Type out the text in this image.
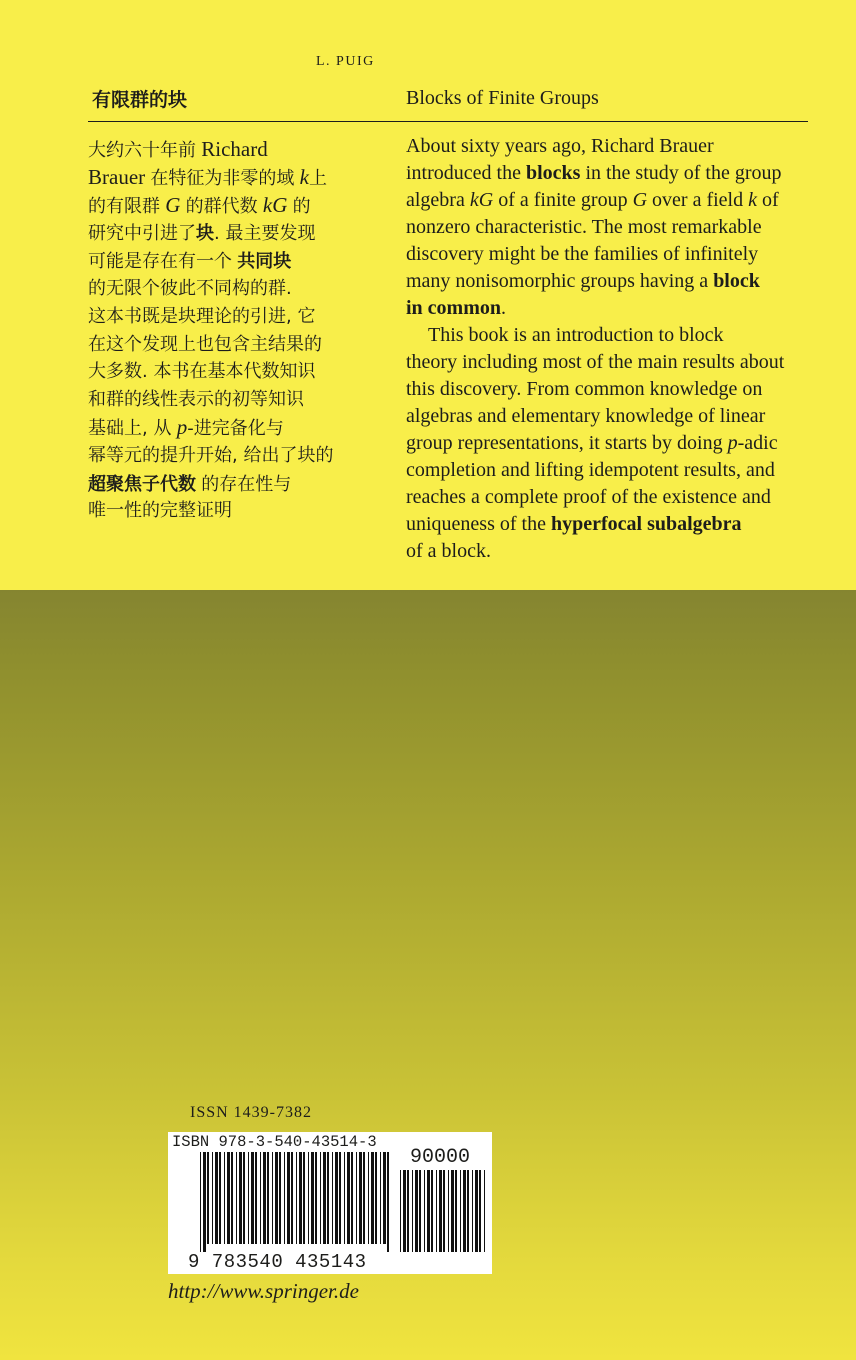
L. PUIG
有限群的块	Blocks of Finite Groups
大约六十年前 Richard
Brauer 在特征为非零的域 k上
的有限群 G 的群代数 kG 的
研究中引进了块. 最主要发现
可能是存在有一个 共同块
的无限个彼此不同构的群.
这本书既是块理论的引进, 它
在这个发现上也包含主结果的
大多数. 本书在基本代数知识
和群的线性表示的初等知识
基础上, 从 p-进完备化与
幂等元的提升开始, 给出了块的
超聚焦子代数 的存在性与
唯一性的完整证明
About sixty years ago, Richard Brauer
introduced the blocks in the study of the group
algebra kG of a finite group G over a field k of
nonzero characteristic. The most remarkable
discovery might be the families of infinitely
many nonisomorphic groups having a block
in common.
This book is an introduction to block
theory including most of the main results about
this discovery. From common knowledge on
algebras and elementary knowledge of linear
group representations, it starts by doing p-adic
completion and lifting idempotent results, and
reaches a complete proof of the existence and
uniqueness of the hyperfocal subalgebra
of a block.
ISSN 1439-7382
ISBN 978-3-540-43514-3
90000
9 783540 435143
http://www.springer.de
